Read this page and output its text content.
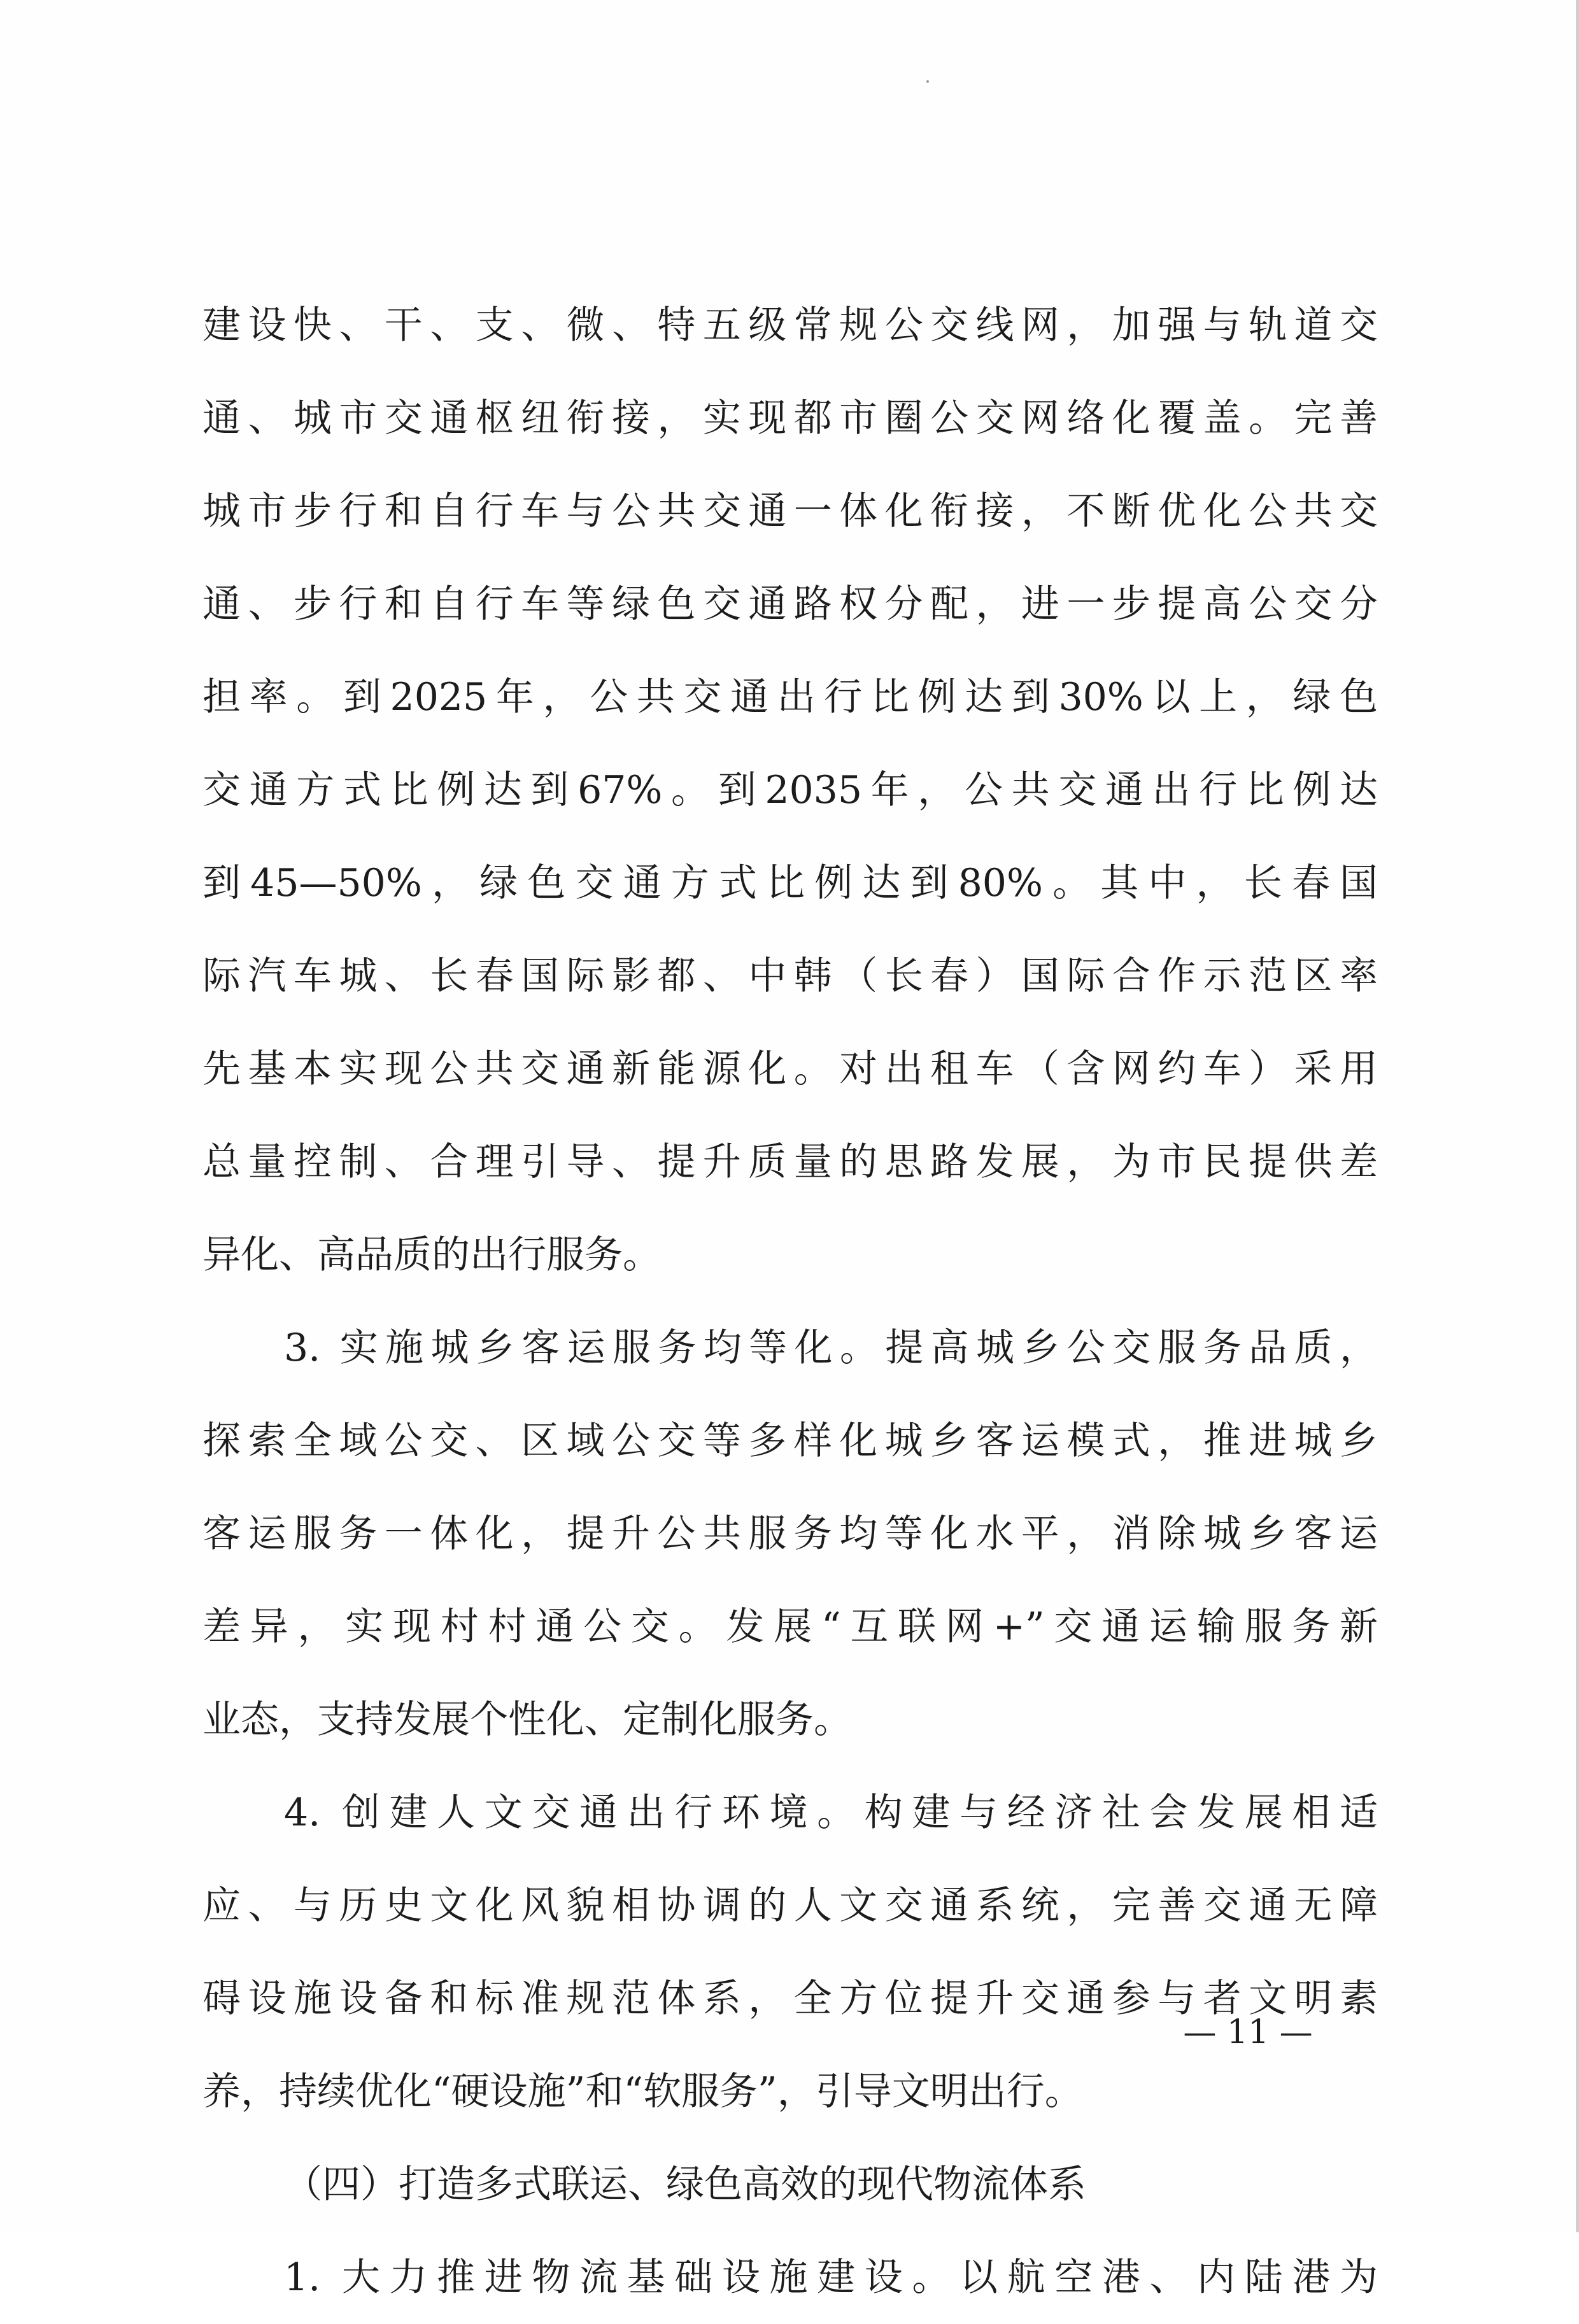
建设快、干、支、微、特五级常规公交线网，加强与轨道交
通、城市交通枢纽衔接，实现都市圈公交网络化覆盖。完善
城市步行和自行车与公共交通一体化衔接，不断优化公共交
通、步行和自行车等绿色交通路权分配，进一步提高公交分
担率。到2025年，公共交通出行比例达到30%以上，绿色
交通方式比例达到67%。到2035年，公共交通出行比例达
到45—50%，绿色交通方式比例达到80%。其中，长春国
际汽车城、长春国际影都、中韩（长春）国际合作示范区率
先基本实现公共交通新能源化。对出租车（含网约车）采用
总量控制、合理引导、提升质量的思路发展，为市民提供差
异化、高品质的出行服务。
3. 实施城乡客运服务均等化。提高城乡公交服务品质，
探索全域公交、区域公交等多样化城乡客运模式，推进城乡
客运服务一体化，提升公共服务均等化水平，消除城乡客运
差异，实现村村通公交。发展“互联网+”交通运输服务新
业态，支持发展个性化、定制化服务。
4. 创建人文交通出行环境。构建与经济社会发展相适
应、与历史文化风貌相协调的人文交通系统，完善交通无障
碍设施设备和标准规范体系，全方位提升交通参与者文明素
养，持续优化“硬设施”和“软服务”，引导文明出行。
（四）打造多式联运、绿色高效的现代物流体系
1. 大力推进物流基础设施建设。以航空港、内陆港为
— 11 —
